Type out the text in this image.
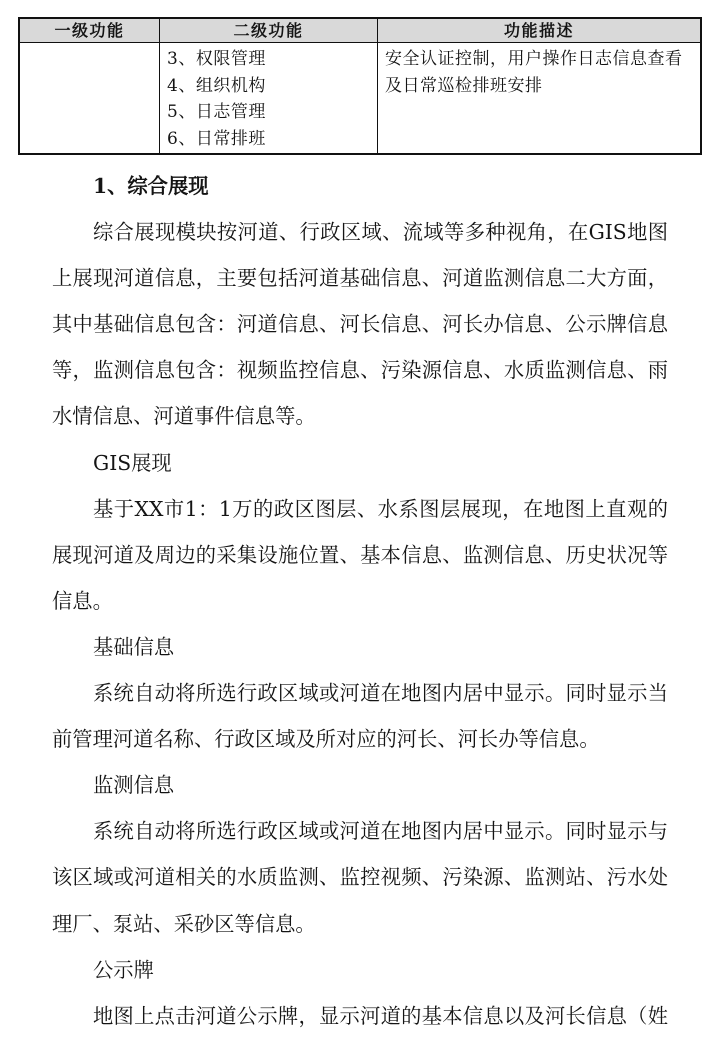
一级功能	二级功能	功能描述
3、权限管理
4、组织机构
5、日志管理
6、日常排班
安全认证控制，用户操作日志信息查看
及日常巡检排班安排
1、综合展现
综合展现模块按河道、行政区域、流域等多种视角，在GIS地图
上展现河道信息，主要包括河道基础信息、河道监测信息二大方面，
其中基础信息包含：河道信息、河长信息、河长办信息、公示牌信息
等，监测信息包含：视频监控信息、污染源信息、水质监测信息、雨
水情信息、河道事件信息等。
GIS展现
基于XX市1：1万的政区图层、水系图层展现，在地图上直观的
展现河道及周边的采集设施位置、基本信息、监测信息、历史状况等
信息。
基础信息
系统自动将所选行政区域或河道在地图内居中显示。同时显示当
前管理河道名称、行政区域及所对应的河长、河长办等信息。
监测信息
系统自动将所选行政区域或河道在地图内居中显示。同时显示与
该区域或河道相关的水质监测、监控视频、污染源、监测站、污水处
理厂、泵站、采砂区等信息。
公示牌
地图上点击河道公示牌，显示河道的基本信息以及河长信息（姓
